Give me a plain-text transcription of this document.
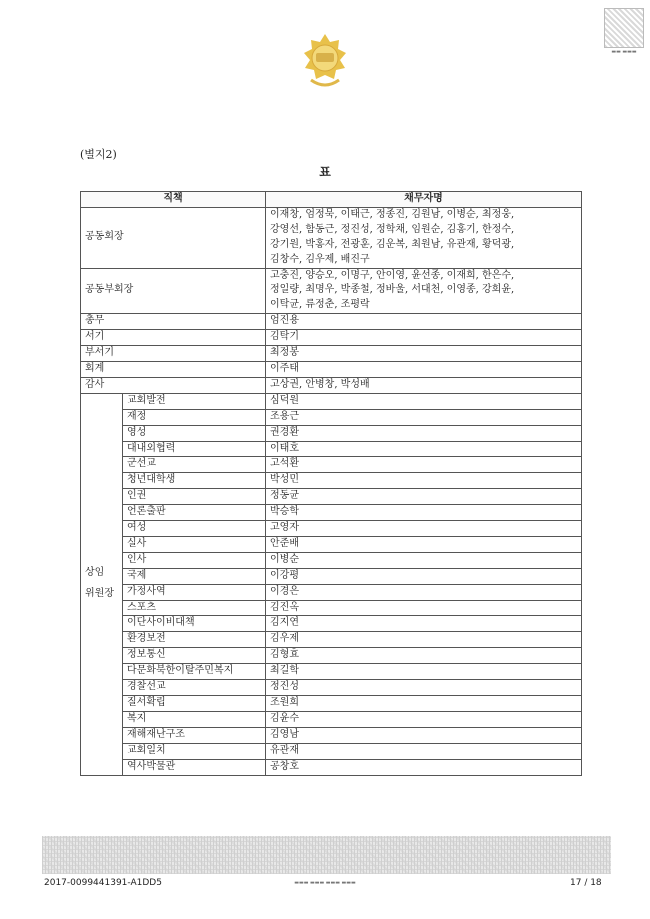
▬▬ ▬▬▬
(별지2)
표
직책		채무자명
공동회장		이재창, 엄정묵, 이태근, 정종진, 김원남, 이병순, 최정웅,
강영선, 함동근, 정진성, 정학채, 임원순, 김홍기, 한정수,
강기원, 박홍자, 전광훈, 김운복, 최원남, 유관재, 황덕광,
김창수, 김우제, 배진구

공동부회장		고충진, 양승오, 이명구, 안이영, 윤선종, 이재희, 한은수,
정일량, 최명우, 박종철, 정바울, 서대천, 이영종, 강희윤,
이탁균, 류정춘, 조평락

총무		엄진용

서기		김탁기

부서기		최정봉

회계		이주태

감사		고상권, 안병창, 박성배

상임
위원장	교회발전	심덕원
	재정	조용근
	영성	권경환
	대내외협력	이태호
	군선교	고석환
	청년대학생	박성민
	인권	정동균
	언론출판	박승학
	여성	고영자
	실사	안준배
	인사	이병순
	국제	이강평
	가정사역	이경은
	스포츠	김진옥
	이단사이비대책	김지연
	환경보전	김우제
	정보통신	김형효
	다문화북한이탈주민복지	최길학
	경찰선교	정진성
	질서확립	조원희
	복지	김윤수
	재해재난구조	김영남
	교회일치	유관재
	역사박물관	공창호
2017-0099441391-A1DD5	▬▬▬ ▬▬▬ ▬▬▬ ▬▬▬	17 / 18
